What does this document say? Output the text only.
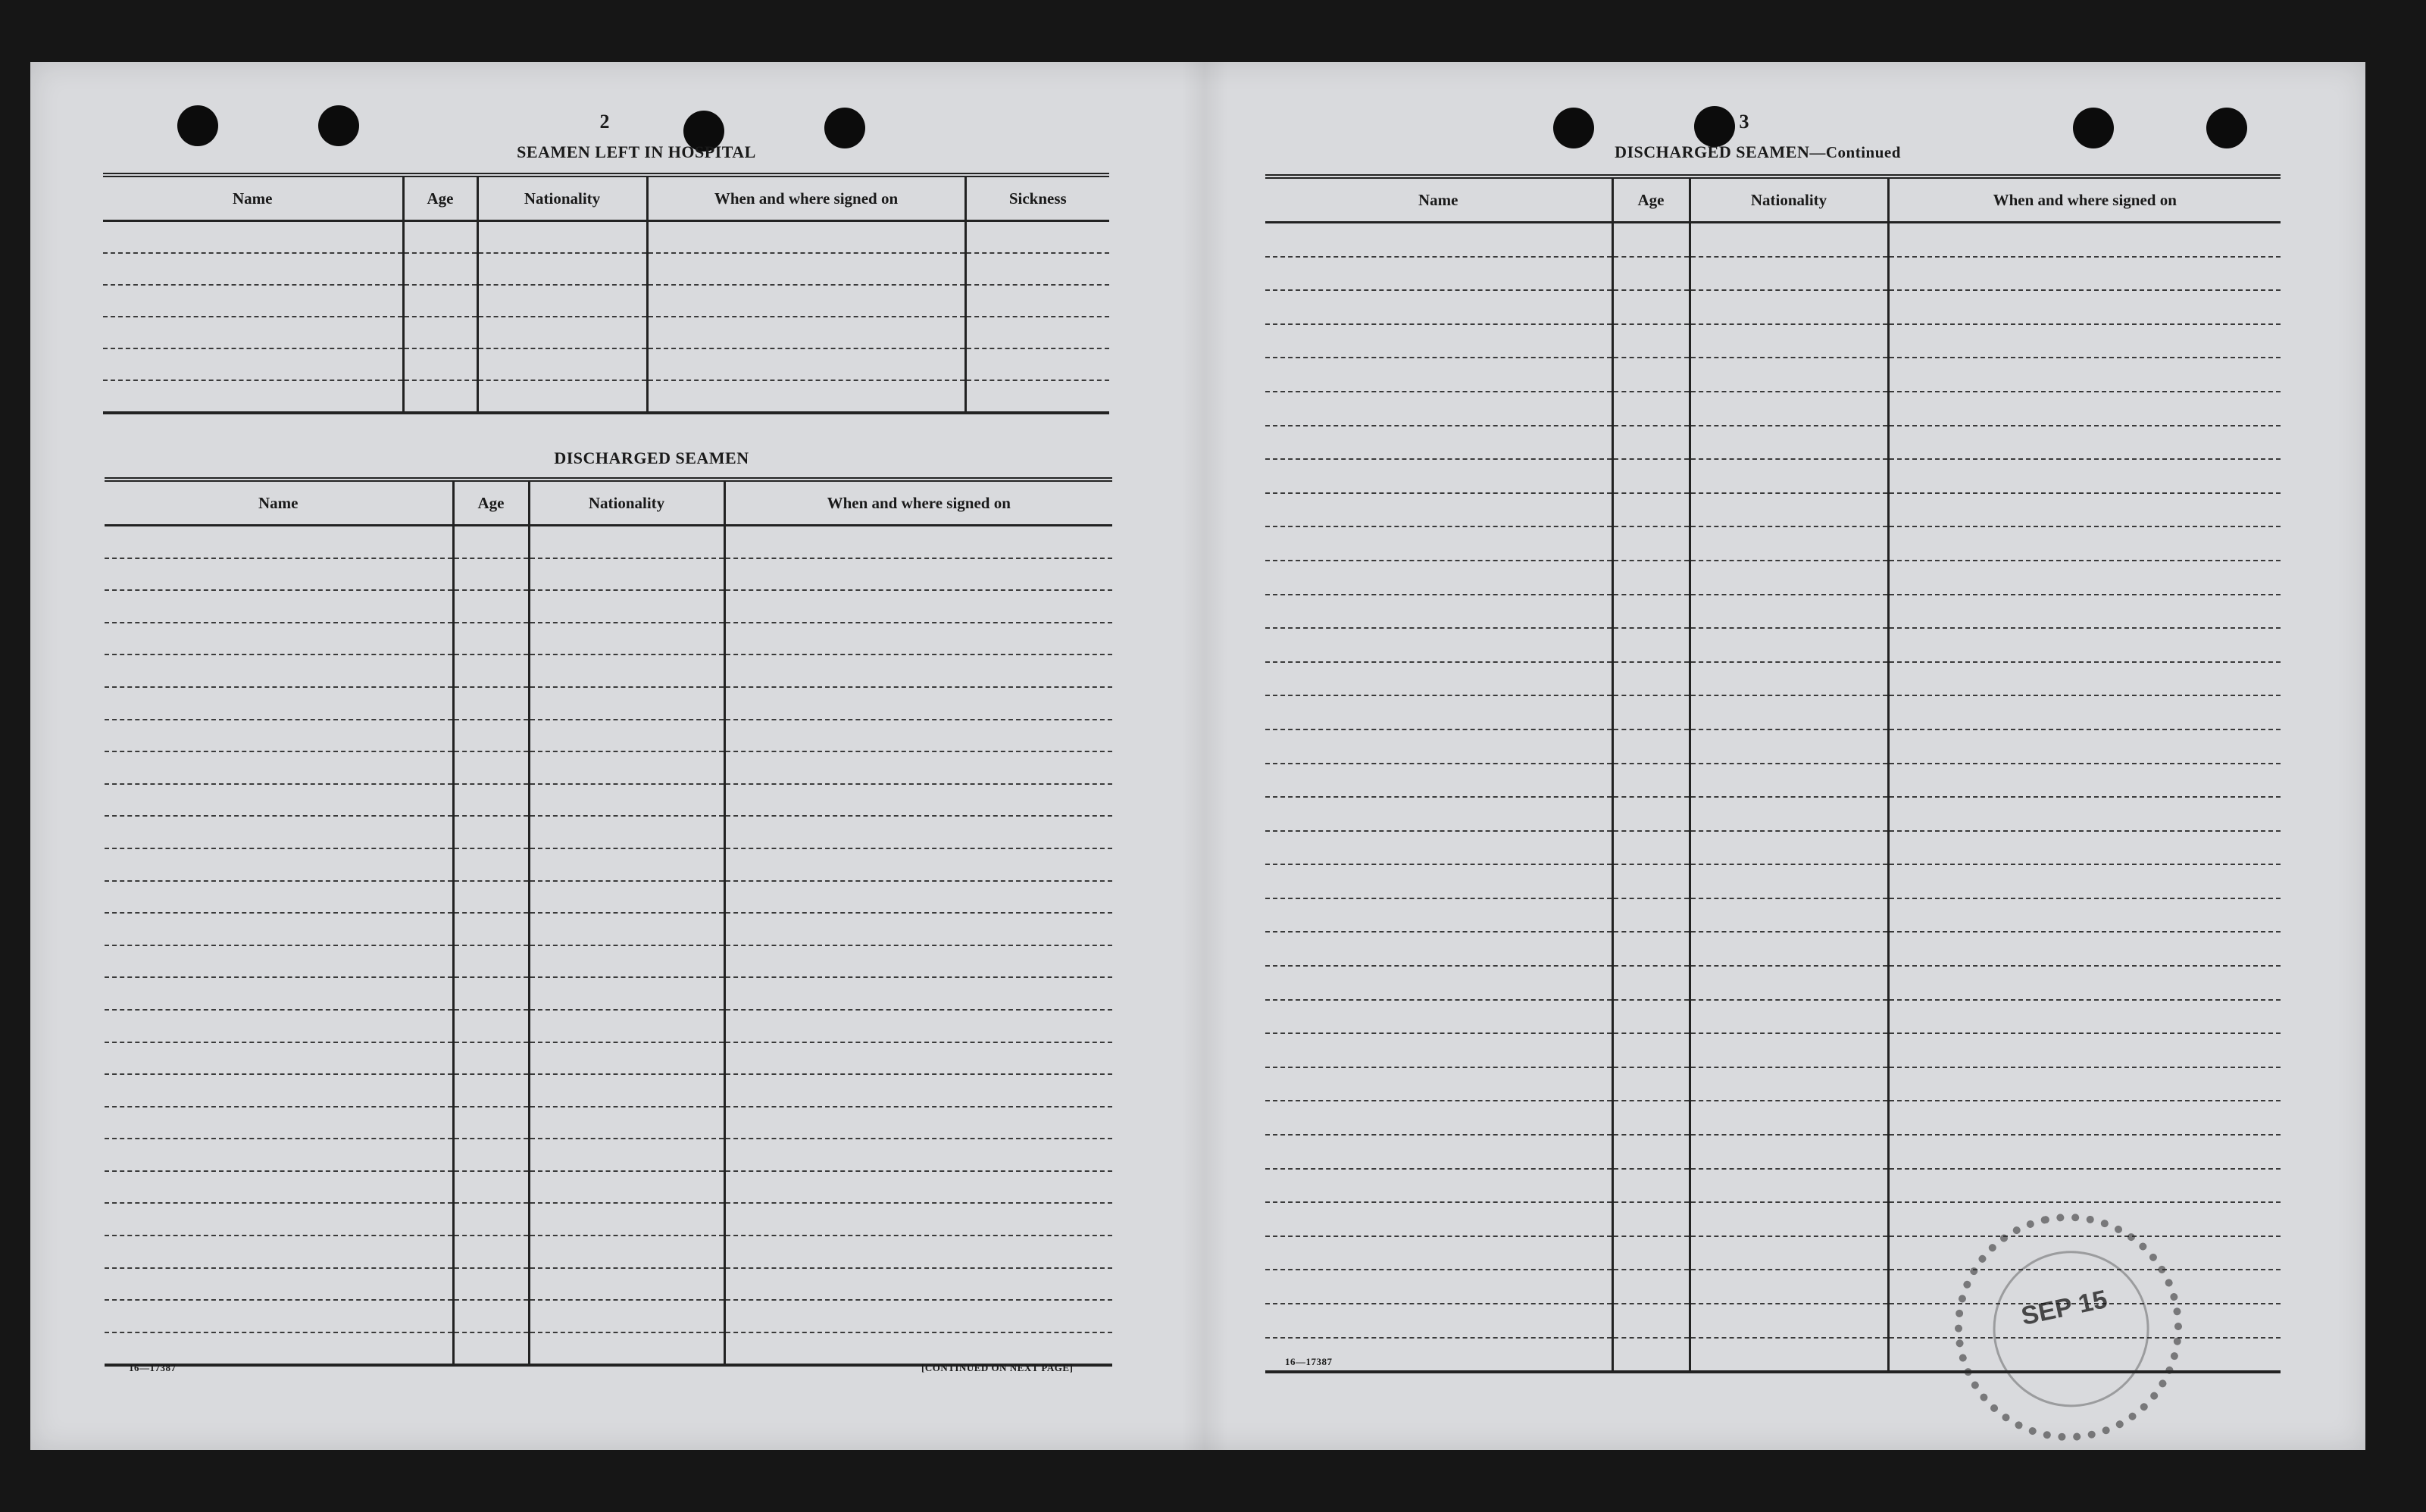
2
SEAMEN LEFT IN HOSPITAL
Name	Age	Nationality	When and where signed on	Sickness

DISCHARGED SEAMEN
Name	Age	Nationality	When and where signed on

16—17387	[CONTINUED ON NEXT PAGE]
3
DISCHARGED SEAMEN—Continued
Name	Age	Nationality	When and where signed on

16—17387
SEP 15
